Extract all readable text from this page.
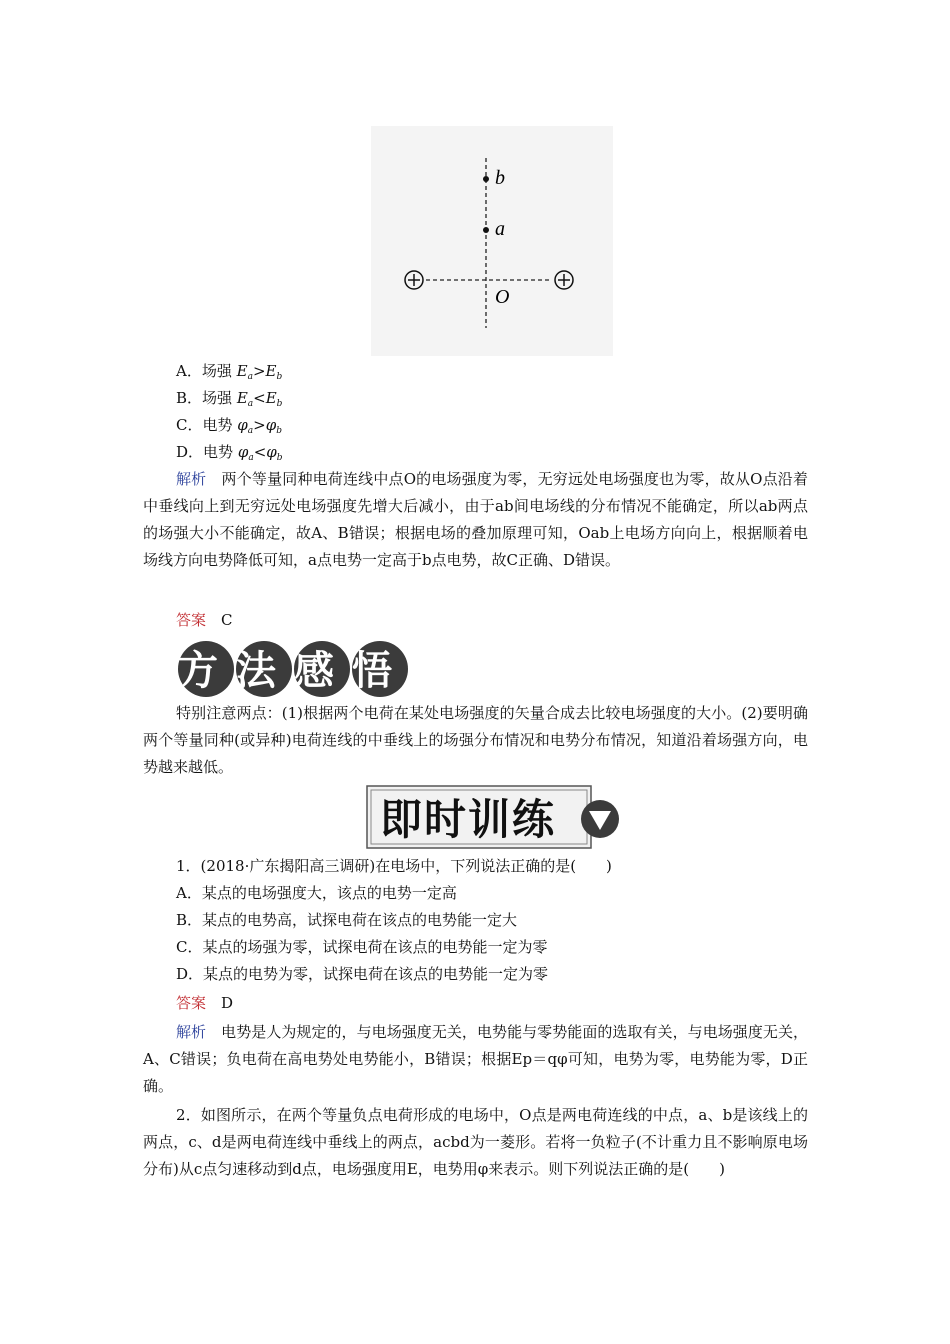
b
a
O
A．场强 $E_a>E_b$
B．场强 $E_a<E_b$
C．电势 $\varphi_a>\varphi_b$
D．电势 $\varphi_a<\varphi_b$
解析　 两个等量同种电荷连线中点O的电场强度为零，无穷远处电场强度也为零，故从O点沿着中垂线向上到无穷远处电场强度先增大后减小，由于ab间电场线的分布情况不能确定，所以ab两点的场强大小不能确定，故A、B错误；根据电场的叠加原理可知，Oab上电场方向向上，根据顺着电场线方向电势降低可知，a点电势一定高于b点电势，故C正确、D错误。
答案　 C
方法感悟
特别注意两点：(1)根据两个电荷在某处电场强度的矢量合成去比较电场强度的大小。(2)要明确两个等量同种(或异种)电荷连线的中垂线上的场强分布情况和电势分布情况，知道沿着场强方向，电势越来越低。
即时训练
1．(2018·广东揭阳高三调研)在电场中，下列说法正确的是(　　)
A．某点的电场强度大，该点的电势一定高
B．某点的电势高，试探电荷在该点的电势能一定大
C．某点的场强为零，试探电荷在该点的电势能一定为零
D．某点的电势为零，试探电荷在该点的电势能一定为零
答案　 D
解析　 电势是人为规定的，与电场强度无关，电势能与零势能面的选取有关，与电场强度无关，A、C错误；负电荷在高电势处电势能小，B错误；根据Ep＝qφ可知，电势为零，电势能为零，D正确。
2．如图所示，在两个等量负点电荷形成的电场中，O点是两电荷连线的中点，a、b是该线上的两点，c、d是两电荷连线中垂线上的两点，acbd为一菱形。若将一负粒子(不计重力且不影响原电场分布)从c点匀速移动到d点，电场强度用E，电势用φ来表示。则下列说法正确的是(　　)
